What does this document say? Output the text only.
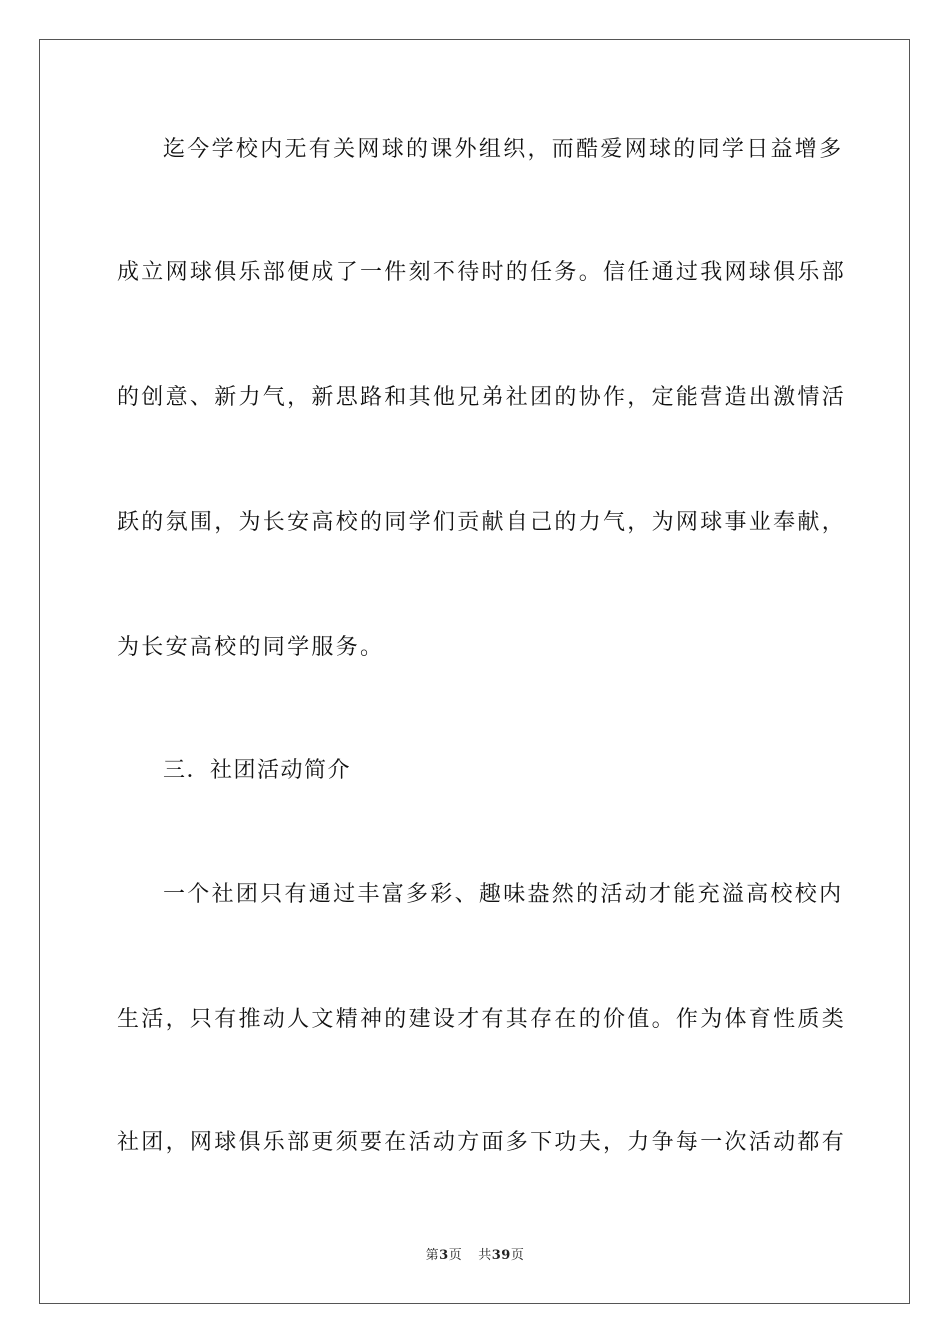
迄今学校内无有关网球的课外组织，而酷爱网球的同学日益增多
成立网球俱乐部便成了一件刻不待时的任务。信任通过我网球俱乐部
的创意、新力气，新思路和其他兄弟社团的协作，定能营造出激情活
跃的氛围，为长安高校的同学们贡献自己的力气，为网球事业奉献，
为长安高校的同学服务。
三．社团活动简介
一个社团只有通过丰富多彩、趣味盎然的活动才能充溢高校校内
生活，只有推动人文精神的建设才有其存在的价值。作为体育性质类
社团，网球俱乐部更须要在活动方面多下功夫，力争每一次活动都有
第3页 共39页
